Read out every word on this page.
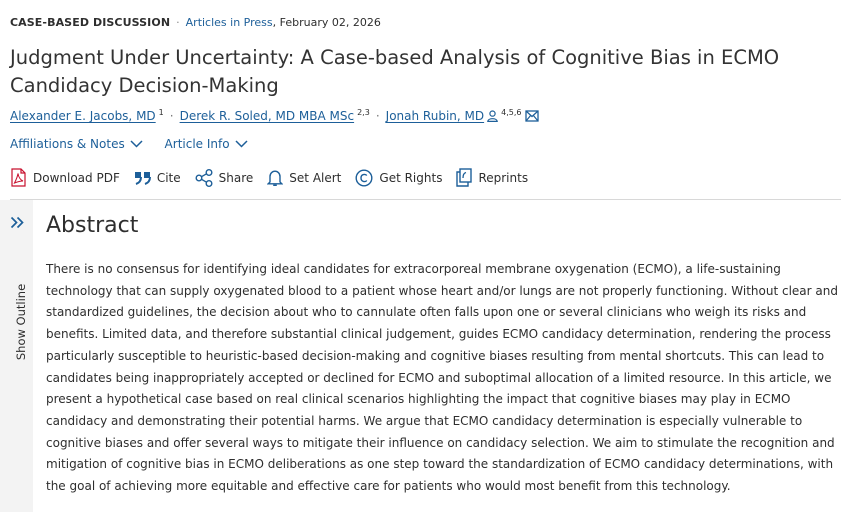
CASE-BASED DISCUSSION · Articles in Press, February 02, 2026
Judgment Under Uncertainty: A Case-based Analysis of Cognitive Bias in ECMO Candidacy Decision-Making
Alexander E. Jacobs, MD $^1$ · Derek R. Soled, MD MBA MSc $^{2,3}$ · Jonah Rubin, MD $^{4,5,6}$
Affiliations & Notes
	Article Info
Download PDF	Cite	Share	Set Alert	Get Rights	Reprints
Show Outline
Abstract

There is no consensus for identifying ideal candidates for extracorporeal membrane oxygenation (ECMO), a life-sustaining technology that can supply oxygenated blood to a patient whose heart and/or lungs are not properly functioning. Without clear and standardized guidelines, the decision about who to cannulate often falls upon one or several clinicians who weigh its risks and benefits. Limited data, and therefore substantial clinical judgement, guides ECMO candidacy determination, rendering the process particularly susceptible to heuristic-based decision-making and cognitive biases resulting from mental shortcuts. This can lead to candidates being inappropriately accepted or declined for ECMO and suboptimal allocation of a limited resource. In this article, we present a hypothetical case based on real clinical scenarios highlighting the impact that cognitive biases may play in ECMO candidacy and demonstrating their potential harms. We argue that ECMO candidacy determination is especially vulnerable to cognitive biases and offer several ways to mitigate their influence on candidacy selection. We aim to stimulate the recognition and mitigation of cognitive bias in ECMO deliberations as one step toward the standardization of ECMO candidacy determinations, with the goal of achieving more equitable and effective care for patients who would most benefit from this technology.
